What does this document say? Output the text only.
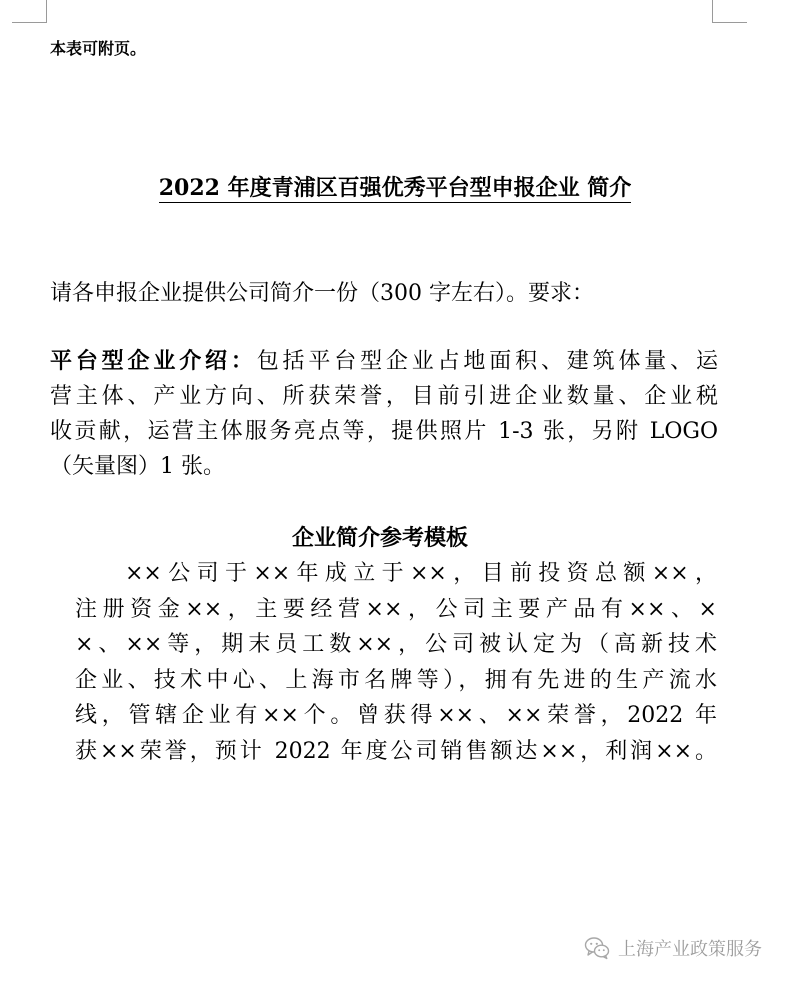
本表可附页。
2022 年度青浦区百强优秀平台型申报企业 简介
请各申报企业提供公司简介一份（300 字左右）。要求：
平台型企业介绍：包括平台型企业占地面积、建筑体量、运
营主体、产业方向、所获荣誉，目前引进企业数量、企业税
收贡献，运营主体服务亮点等，提供照片 1-3 张，另附 LOGO
（矢量图）1 张。
企业简介参考模板
××公司于××年成立于××，目前投资总额××，
注册资金××，主要经营××，公司主要产品有××、×
×、××等，期末员工数××，公司被认定为（高新技术
企业、技术中心、上海市名牌等），拥有先进的生产流水
线，管辖企业有××个。曾获得××、××荣誉，2022 年
获××荣誉，预计 2022 年度公司销售额达××，利润××。
上海产业政策服务
